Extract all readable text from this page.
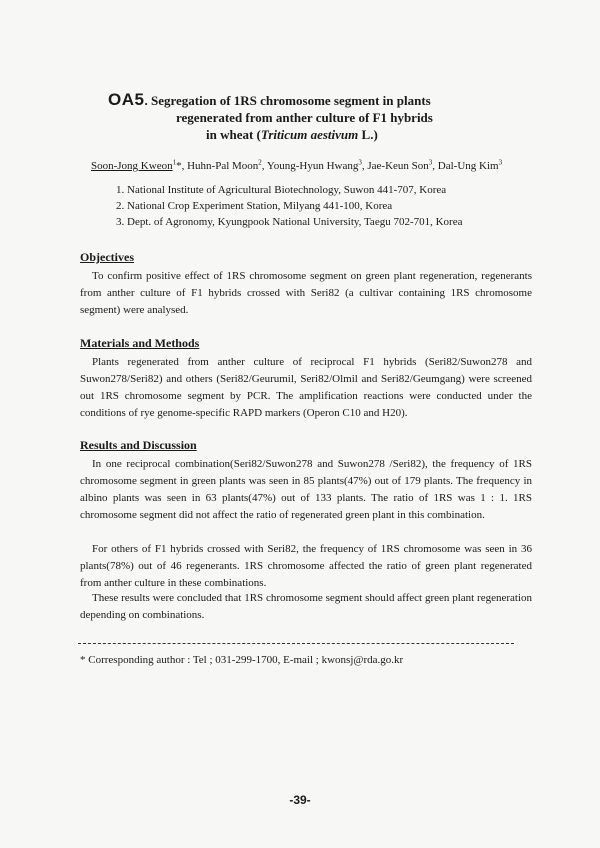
OA5. Segregation of 1RS chromosome segment in plants
regenerated from anther culture of F1 hybrids
in wheat (Triticum aestivum L.)
Soon-Jong Kweon$^1$*, Huhn-Pal Moon$^2$, Young-Hyun Hwang$^3$, Jae-Keun Son$^3$, Dal-Ung Kim$^3$
1. National Institute of Agricultural Biotechnology, Suwon 441-707, Korea
2. National Crop Experiment Station, Milyang 441-100, Korea
3. Dept. of Agronomy, Kyungpook National University, Taegu 702-701, Korea
Objectives
To confirm positive effect of 1RS chromosome segment on green plant regeneration, regenerants from anther culture of F1 hybrids crossed with Seri82 (a cultivar containing 1RS chromosome segment) were analysed.
Materials and Methods
Plants regenerated from anther culture of reciprocal F1 hybrids (Seri82/Suwon278 and Suwon278/Seri82) and others (Seri82/Geurumil, Seri82/Olmil and Seri82/Geumgang) were screened out 1RS chromosome segment by PCR. The amplification reactions were conducted under the conditions of rye genome-specific RAPD markers (Operon C10 and H20).
Results and Discussion
In one reciprocal combination(Seri82/Suwon278 and Suwon278 /Seri82), the frequency of 1RS chromosome segment in green plants was seen in 85 plants(47%) out of 179 plants. The frequency in albino plants was seen in 63 plants(47%) out of 133 plants. The ratio of 1RS was 1 : 1. 1RS chromosome segment did not affect the ratio of regenerated green plant in this combination.
For others of F1 hybrids crossed with Seri82, the frequency of 1RS chromosome was seen in 36 plants(78%) out of 46 regenerants. 1RS chromosome affected the ratio of green plant regenerated from anther culture in these combinations.
These results were concluded that 1RS chromosome segment should affect green plant regeneration depending on combinations.
* Corresponding author : Tel ; 031-299-1700, E-mail ; kwonsj@rda.go.kr
-39-
